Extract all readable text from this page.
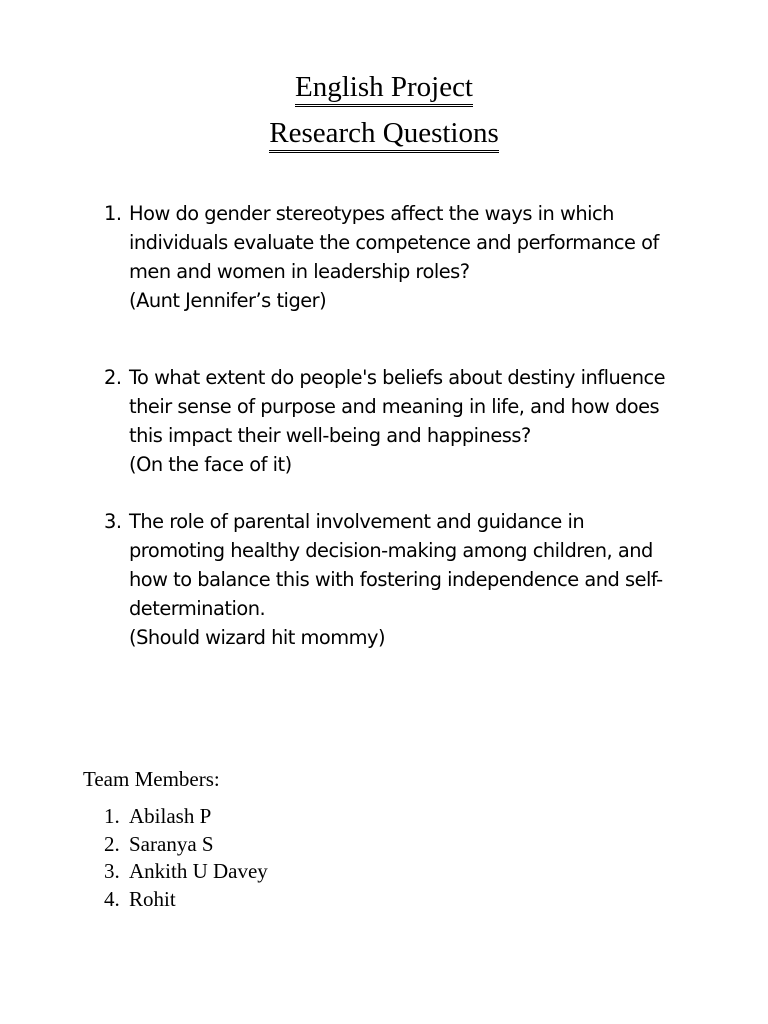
English Project
Research Questions
1. How do gender stereotypes affect the ways in which
individuals evaluate the competence and performance of
men and women in leadership roles?
(Aunt Jennifer’s tiger)
2. To what extent do people's beliefs about destiny influence
their sense of purpose and meaning in life, and how does
this impact their well-being and happiness?
(On the face of it)
3. The role of parental involvement and guidance in
promoting healthy decision-making among children, and
how to balance this with fostering independence and self-
determination.
(Should wizard hit mommy)
Team Members:
1. Abilash P
2. Saranya S
3. Ankith U Davey
4. Rohit
